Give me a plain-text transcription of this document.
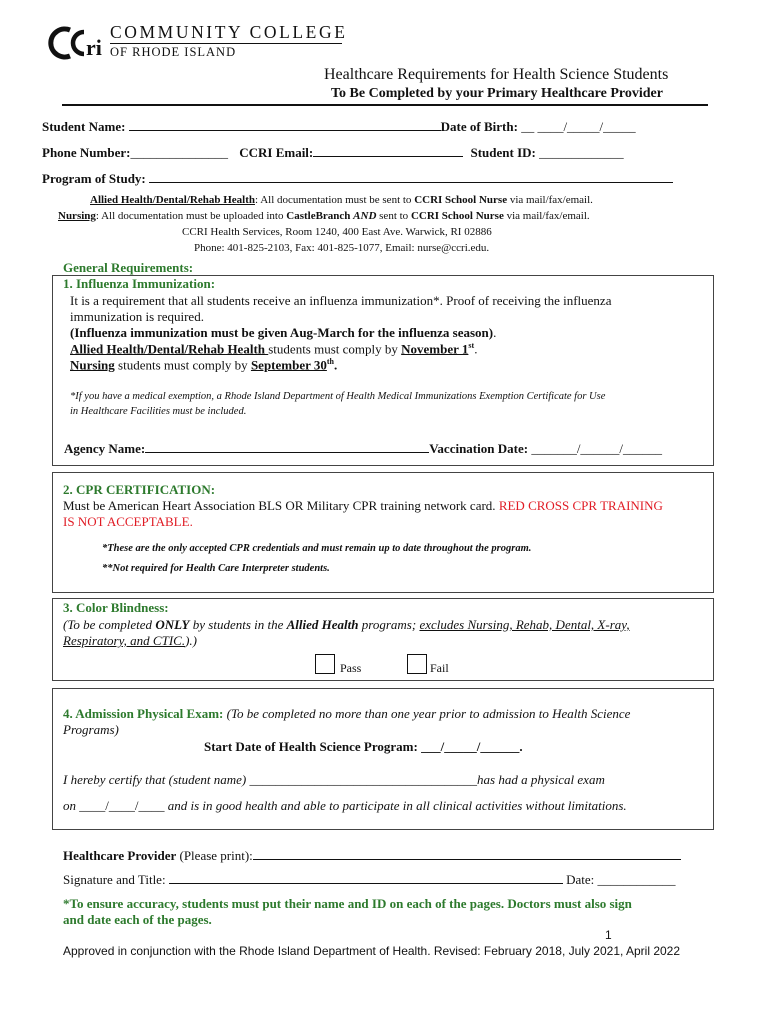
ri
COMMUNITY COLLEGE
OF RHODE ISLAND
Healthcare Requirements for Health Science Students
To Be Completed by your Primary Healthcare Provider
Student Name:	Date of Birth: __ ____/_____/_____
Phone Number:_______________ CCRI Email:	Student ID: _____________
Program of Study:
Allied Health/Dental/Rehab Health: All documentation must be sent to CCRI School Nurse via mail/fax/email.
Nursing: All documentation must be uploaded into CastleBranch AND sent to CCRI School Nurse via mail/fax/email.
CCRI Health Services, Room 1240, 400 East Ave. Warwick, RI 02886
Phone: 401-825-2103, Fax: 401-825-1077, Email: nurse@ccri.edu.
General Requirements:
1. Influenza Immunization:
It is a requirement that all students receive an influenza immunization*. Proof of receiving the influenza
immunization is required.
(Influenza immunization must be given Aug-March for the influenza season).
Allied Health/Dental/Rehab Health students must comply by November 1st.
Nursing students must comply by September 30th.
*If you have a medical exemption, a Rhode Island Department of Health Medical Immunizations Exemption Certificate for Use
in Healthcare Facilities must be included.
Agency Name:	Vaccination Date: _______/______/______
2. CPR CERTIFICATION:
Must be American Heart Association BLS OR Military CPR training network card. RED CROSS CPR TRAINING
IS NOT ACCEPTABLE.
*These are the only accepted CPR credentials and must remain up to date throughout the program.
**Not required for Health Care Interpreter students.
3. Color Blindness:
(To be completed ONLY by students in the Allied Health programs; excludes Nursing, Rehab, Dental, X-ray,
Respiratory, and CTIC.).)
Pass	Fail
4. Admission Physical Exam: (To be completed no more than one year prior to admission to Health Science
Programs)
Start Date of Health Science Program: ___/_____/______.
I hereby certify that (student name) ___________________________________has had a physical exam
on ____/____/____ and is in good health and able to participate in all clinical activities without limitations.
Healthcare Provider (Please print):
Signature and Title:	Date: ____________
*To ensure accuracy, students must put their name and ID on each of the pages. Doctors must also sign
and date each of the pages.
1
Approved in conjunction with the Rhode Island Department of Health. Revised: February 2018, July 2021, April 2022
